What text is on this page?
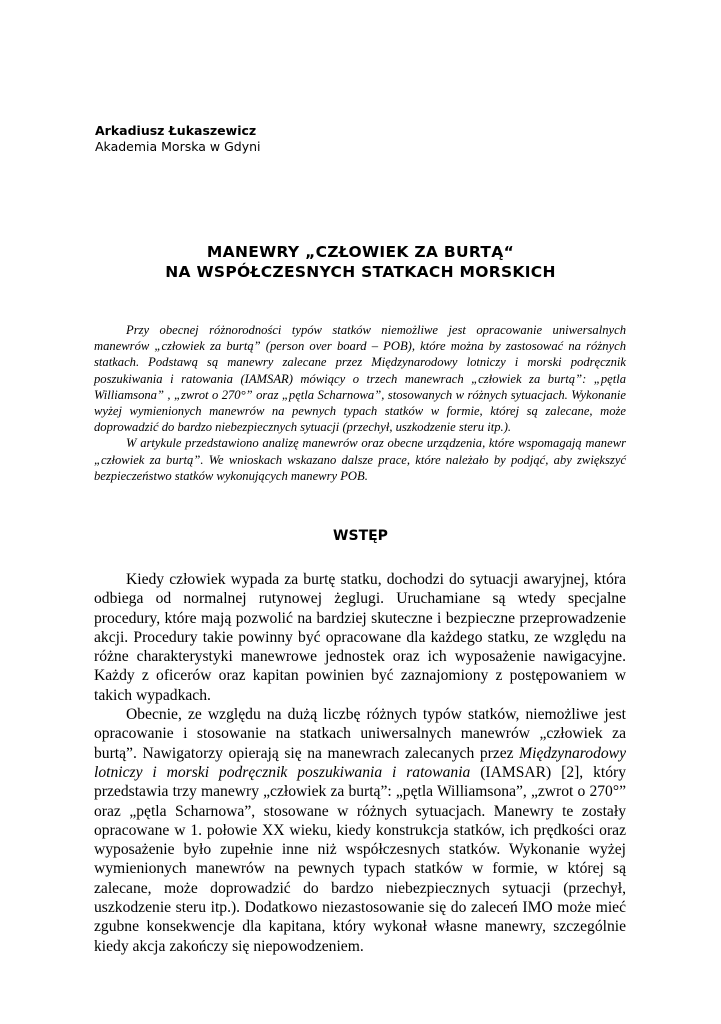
Arkadiusz Łukaszewicz
Akademia Morska w Gdyni
MANEWRY „CZŁOWIEK ZA BURTĄ“
NA WSPÓŁCZESNYCH STATKACH MORSKICH

Przy obecnej różnorodności typów statków niemożliwe jest opracowanie uniwersalnych manewrów „człowiek za burtą” (person over board – POB), które można by zastosować na różnych statkach. Podstawą są manewry zalecane przez Międzynarodowy lotniczy i morski podręcznik poszukiwania i ratowania (IAMSAR) mówiący o trzech manewrach „człowiek za burtą”: „pętla Williamsona” , „zwrot o 270°” oraz „pętla Scharnowa”, stosowanych w różnych sytuacjach. Wykonanie wyżej wymienionych manewrów na pewnych typach statków w formie, której są zalecane, może doprowadzić do bardzo niebezpiecznych sytuacji (przechył, uszkodzenie steru itp.).

W artykule przedstawiono analizę manewrów oraz obecne urządzenia, które wspomagają manewr „człowiek za burtą”. We wnioskach wskazano dalsze prace, które należało by podjąć, aby zwiększyć bezpieczeństwo statków wykonujących manewry POB.

WSTĘP

Kiedy człowiek wypada za burtę statku, dochodzi do sytuacji awaryjnej, która odbiega od normalnej rutynowej żeglugi. Uruchamiane są wtedy specjalne procedury, które mają pozwolić na bardziej skuteczne i bezpieczne przeprowadzenie akcji. Procedury takie powinny być opracowane dla każdego statku, ze względu na różne charakterystyki manewrowe jednostek oraz ich wyposażenie nawigacyjne. Każdy z oficerów oraz kapitan powinien być zaznajomiony z postępowaniem w takich wypadkach.

Obecnie, ze względu na dużą liczbę różnych typów statków, niemożliwe jest opracowanie i stosowanie na statkach uniwersalnych manewrów „człowiek za burtą”. Nawigatorzy opierają się na manewrach zalecanych przez Międzynarodowy lotniczy i morski podręcznik poszukiwania i ratowania (IAMSAR) [2], który przedstawia trzy manewry „człowiek za burtą”: „pętla Williamsona”, „zwrot o 270°” oraz „pętla Scharnowa”, stosowane w różnych sytuacjach. Manewry te zostały opracowane w 1. połowie XX wieku, kiedy konstrukcja statków, ich prędkości oraz wyposażenie było zupełnie inne niż współczesnych statków. Wykonanie wyżej wymienionych manewrów na pewnych typach statków w formie, w której są zalecane, może doprowadzić do bardzo niebezpiecznych sytuacji (przechył, uszkodzenie steru itp.). Dodatkowo niezastosowanie się do zaleceń IMO może mieć zgubne konsekwencje dla kapitana, który wykonał własne manewry, szczególnie kiedy akcja zakończy się niepowodzeniem.
